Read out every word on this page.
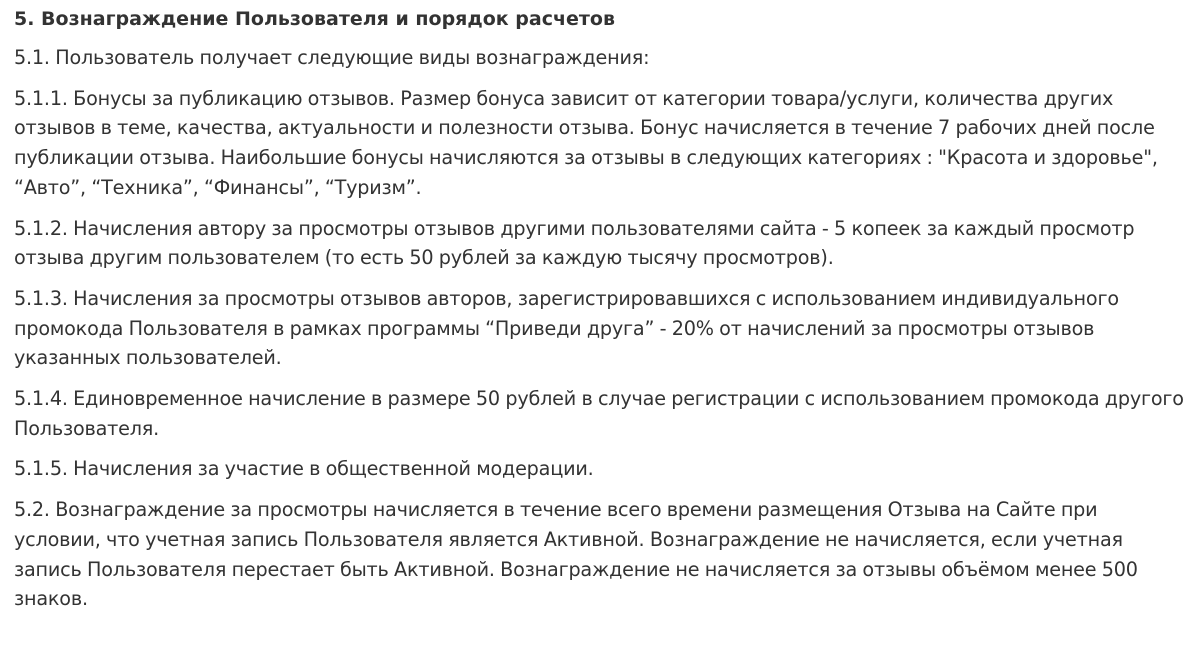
5. Вознаграждение Пользователя и порядок расчетов

5.1. Пользователь получает следующие виды вознаграждения:

5.1.1. Бонусы за публикацию отзывов. Размер бонуса зависит от категории товара/услуги, количества других отзывов в теме, качества, актуальности и полезности отзыва. Бонус начисляется в течение 7 рабочих дней после публикации отзыва. Наибольшие бонусы начисляются за отзывы в следующих категориях : "Красота и здоровье", “Авто”, “Техника”, “Финансы”, “Туризм”.

5.1.2. Начисления автору за просмотры отзывов другими пользователями сайта - 5 копеек за каждый просмотр отзыва другим пользователем (то есть 50 рублей за каждую тысячу просмотров).

5.1.3. Начисления за просмотры отзывов авторов, зарегистрировавшихся с использованием индивидуального промокода Пользователя в рамках программы “Приведи друга” - 20% от начислений за просмотры отзывов указанных пользователей.

5.1.4. Единовременное начисление в размере 50 рублей в случае регистрации с использованием промокода другого Пользователя.

5.1.5. Начисления за участие в общественной модерации.

5.2. Вознаграждение за просмотры начисляется в течение всего времени размещения Отзыва на Сайте при условии, что учетная запись Пользователя является Активной. Вознаграждение не начисляется, если учетная запись Пользователя перестает быть Активной. Вознаграждение не начисляется за отзывы объёмом менее 500 знаков.
